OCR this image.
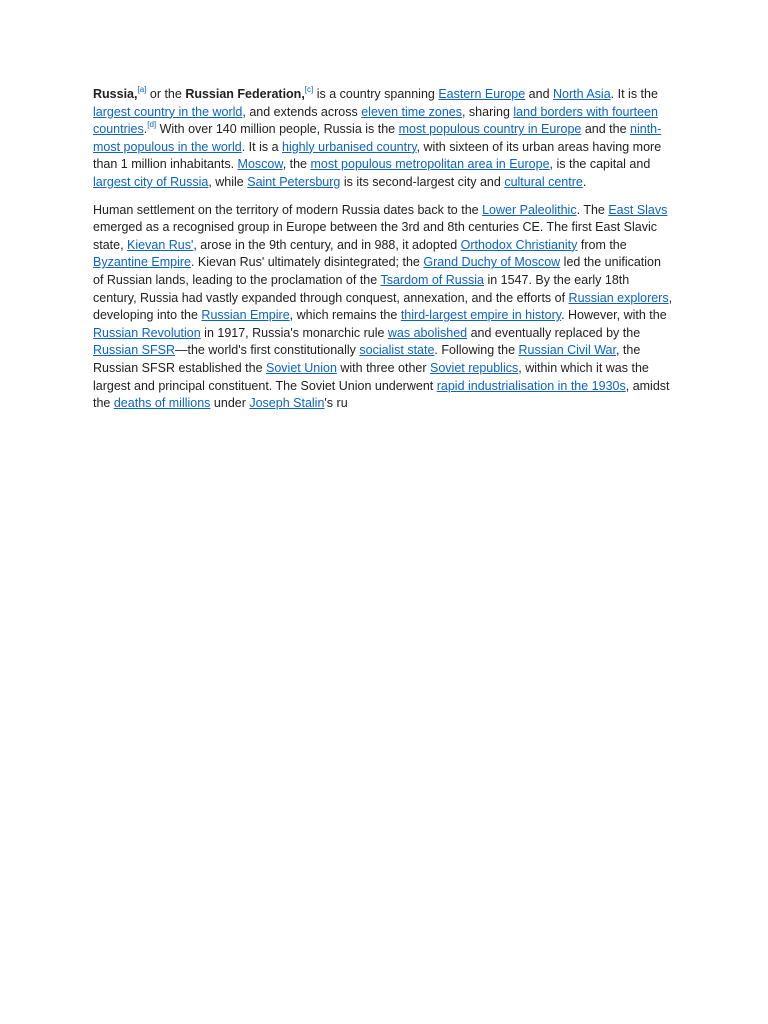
Russia,[a] or the Russian Federation,[c] is a country spanning Eastern Europe and North Asia. It is the largest country in the world, and extends across eleven time zones, sharing land borders with fourteen countries.[d] With over 140 million people, Russia is the most populous country in Europe and the ninth-most populous in the world. It is a highly urbanised country, with sixteen of its urban areas having more than 1 million inhabitants. Moscow, the most populous metropolitan area in Europe, is the capital and largest city of Russia, while Saint Petersburg is its second-largest city and cultural centre.

Human settlement on the territory of modern Russia dates back to the Lower Paleolithic. The East Slavs emerged as a recognised group in Europe between the 3rd and 8th centuries CE. The first East Slavic state, Kievan Rus', arose in the 9th century, and in 988, it adopted Orthodox Christianity from the Byzantine Empire. Kievan Rus' ultimately disintegrated; the Grand Duchy of Moscow led the unification of Russian lands, leading to the proclamation of the Tsardom of Russia in 1547. By the early 18th century, Russia had vastly expanded through conquest, annexation, and the efforts of Russian explorers, developing into the Russian Empire, which remains the third-largest empire in history. However, with the Russian Revolution in 1917, Russia's monarchic rule was abolished and eventually replaced by the Russian SFSR—the world's first constitutionally socialist state. Following the Russian Civil War, the Russian SFSR established the Soviet Union with three other Soviet republics, within which it was the largest and principal constituent. The Soviet Union underwent rapid industrialisation in the 1930s, amidst the deaths of millions under Joseph Stalin's ru
